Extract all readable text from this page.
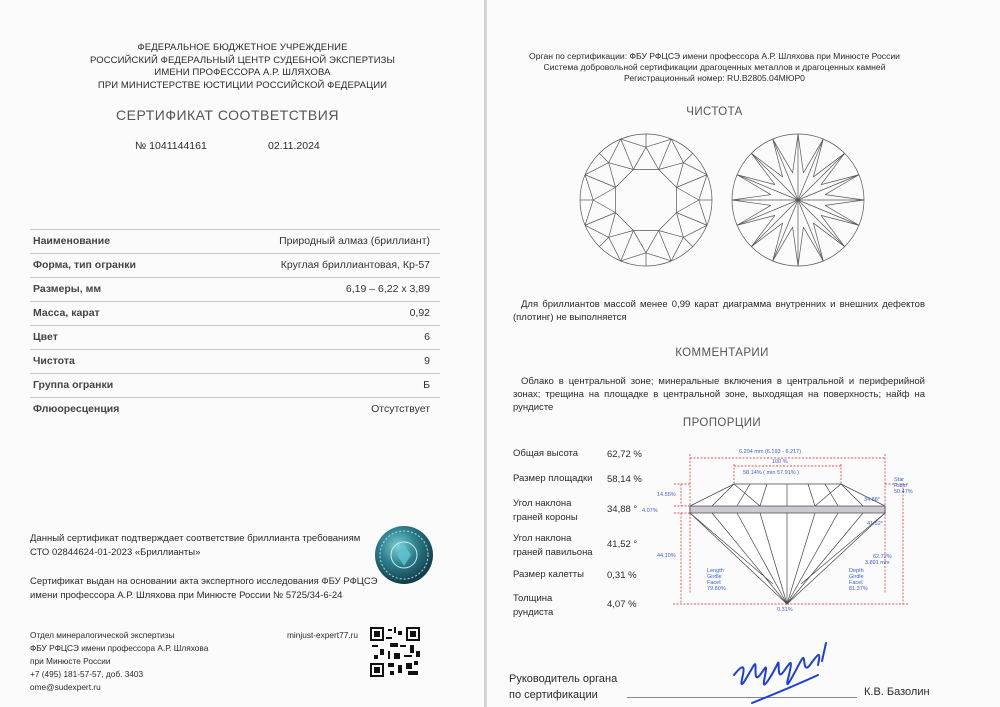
ФЕДЕРАЛЬНОЕ БЮДЖЕТНОЕ УЧРЕЖДЕНИЕ
РОССИЙСКИЙ ФЕДЕРАЛЬНЫЙ ЦЕНТР СУДЕБНОЙ ЭКСПЕРТИЗЫ
ИМЕНИ ПРОФЕССОРА А.Р. ШЛЯХОВА
ПРИ МИНИСТЕРСТВЕ ЮСТИЦИИ РОССИЙСКОЙ ФЕДЕРАЦИИ
СЕРТИФИКАТ СООТВЕТСТВИЯ
№ 1041144161	02.11.2024
Наименование	Природный алмаз (бриллиант)
Форма, тип огранки	Круглая бриллиантовая, Кр-57
Размеры, мм	6,19 – 6,22 x 3,89
Масса, карат	0,92
Цвет	6
Чистота	9
Группа огранки	Б
Флюоресценция	Отсутствует
Данный сертификат подтверждает соответствие бриллианта требованиям
СТО 02844624-01-2023 «Бриллианты»
Сертификат выдан на основании акта экспертного исследования ФБУ РФЦСЭ
имени профессора А.Р. Шляхова при Минюсте России № 5725/34-6-24
Отдел минералогической экспертизы
ФБУ РФЦСЭ имени профессора А.Р. Шляхова
при Минюсте России
+7 (495) 181-57-57, доб. 3403
ome@sudexpert.ru
minjust-expert77.ru
Орган по сертификации: ФБУ РФЦСЭ имени профессора А.Р. Шляхова при Минюсте России
Система добровольной сертификации драгоценных металлов и драгоценных камней
Регистрационный номер: RU.В2805.04МЮР0
ЧИСТОТА
Для бриллиантов массой менее 0,99 карат диаграмма внутренних и внешних дефектов (плотинг) не выполняется
КОММЕНТАРИИ
Облако в центральной зоне; минеральные включения в центральной и периферийной зонах; трещина на площадке в центральной зоне, выходящая на поверхность; найф на рундисте
ПРОПОРЦИИ
Общая высота	62,72 %
Размер площадки 58,14 %
Угол наклона
граней короны
34,88 °
Угол наклона
граней павильона
41,52 °
Размер калетты 0,31 %
Толщина
рундиста
4,07 %
6.204 mm (6.193 - 6.217)
100 %
58.14% ( min 57.91% )
14.55%
4.07%
44.10%
34.88°
41.52°
Star Ratio 50.47%
62.72% 3.891 mm
Length Girdle Facet 79.80%
Depth Girdle Facet 81.37%
0.31%
Руководитель органа
по сертификации	К.В. Базолин
